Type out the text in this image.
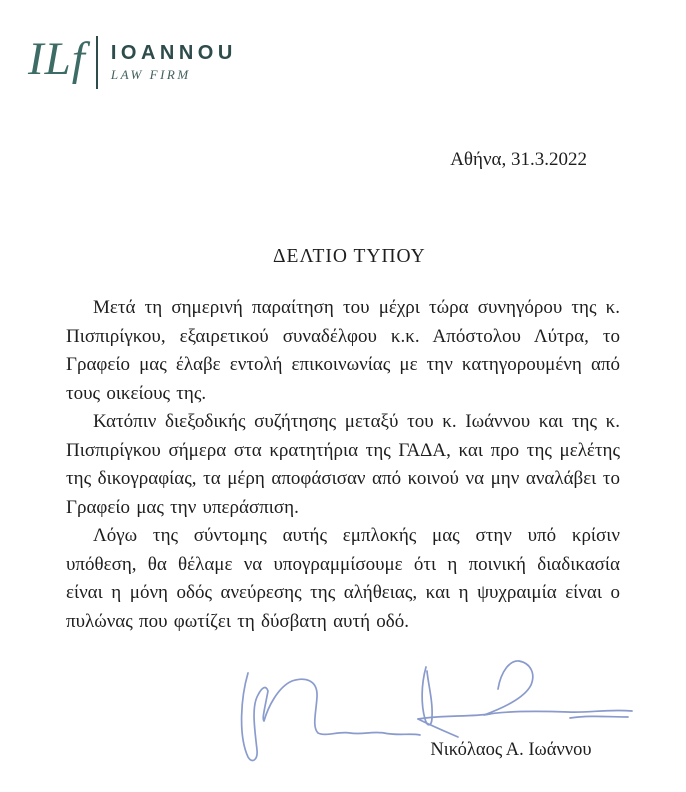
ILf IOANNOU
LAW FIRM
Αθήνα, 31.3.2022
ΔΕΛΤΙΟ ΤΥΠΟΥ

Μετά τη σημερινή παραίτηση του μέχρι τώρα συνηγόρου της κ. Πισπιρίγκου, εξαιρετικού συναδέλφου κ.κ. Απόστολου Λύτρα, το Γραφείο μας έλαβε εντολή επικοινωνίας με την κατηγορουμένη από τους οικείους της.

Κατόπιν διεξοδικής συζήτησης μεταξύ του κ. Ιωάννου και της κ. Πισπιρίγκου σήμερα στα κρατητήρια της ΓΑΔΑ, και προ της μελέτης της δικογραφίας, τα μέρη αποφάσισαν από κοινού να μην αναλάβει το Γραφείο μας την υπεράσπιση.

Λόγω της σύντομης αυτής εμπλοκής μας στην υπό κρίσιν υπόθεση, θα θέλαμε να υπογραμμίσουμε ότι η ποινική διαδικασία είναι η μόνη οδός ανεύρεσης της αλήθειας, και η ψυχραιμία είναι ο πυλώνας που φωτίζει τη δύσβατη αυτή οδό.

Νικόλαος Α. Ιωάννου
